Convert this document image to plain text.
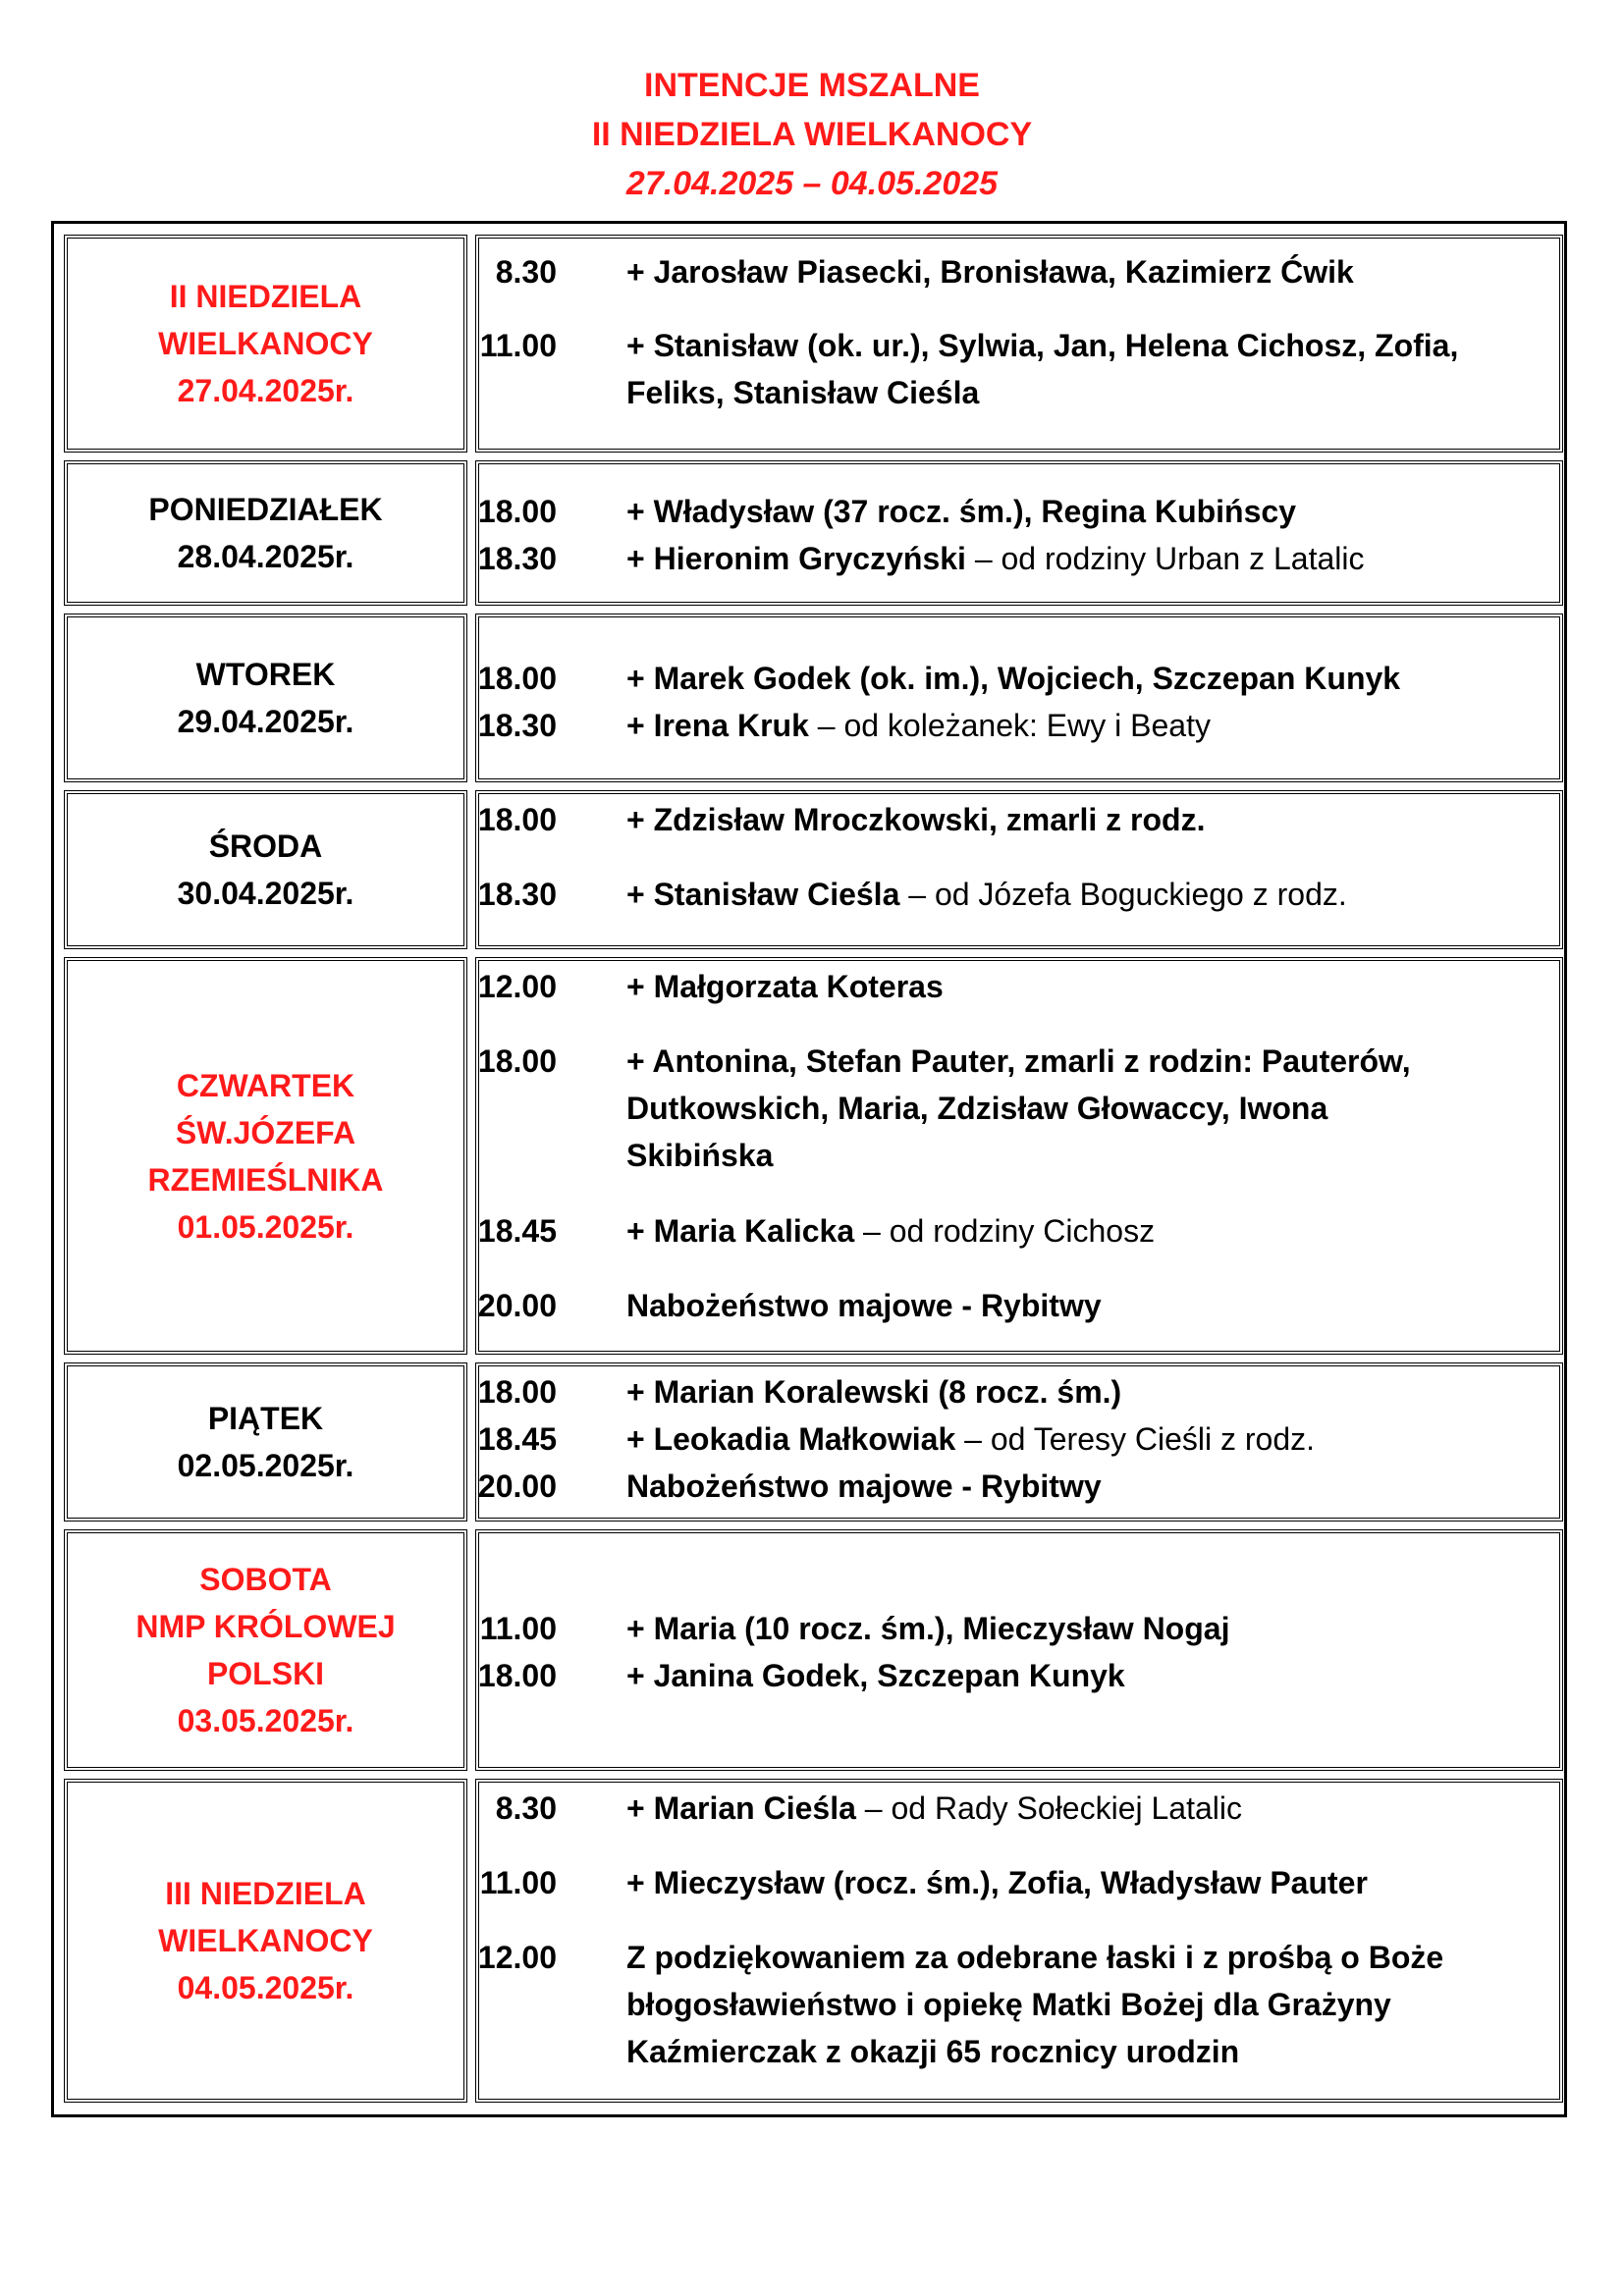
INTENCJE MSZALNE
II NIEDZIELA WIELKANOCY
27.04.2025 – 04.05.2025
II NIEDZIELA
WIELKANOCY
27.04.2025r.
8.30 + Jarosław Piasecki, Bronisława, Kazimierz Ćwik
11.00 + Stanisław (ok. ur.), Sylwia, Jan, Helena Cichosz, Zofia,
Feliks, Stanisław Cieśla
PONIEDZIAŁEK
28.04.2025r.
18.00 + Władysław (37 rocz. śm.), Regina Kubińscy
18.30 + Hieronim Gryczyński – od rodziny Urban z Latalic
WTOREK
29.04.2025r.
18.00 + Marek Godek (ok. im.), Wojciech, Szczepan Kunyk
18.30 + Irena Kruk – od koleżanek: Ewy i Beaty
ŚRODA
30.04.2025r.
18.00 + Zdzisław Mroczkowski, zmarli z rodz.
18.30 + Stanisław Cieśla – od Józefa Boguckiego z rodz.
CZWARTEK
ŚW.JÓZEFA
RZEMIEŚLNIKA
01.05.2025r.
12.00 + Małgorzata Koteras
18.00 + Antonina, Stefan Pauter, zmarli z rodzin: Pauterów,
Dutkowskich, Maria, Zdzisław Głowaccy, Iwona
Skibińska
18.45 + Maria Kalicka – od rodziny Cichosz
20.00 Nabożeństwo majowe - Rybitwy
PIĄTEK
02.05.2025r.
18.00 + Marian Koralewski (8 rocz. śm.)
18.45 + Leokadia Małkowiak – od Teresy Cieśli z rodz.
20.00 Nabożeństwo majowe - Rybitwy
SOBOTA
NMP KRÓLOWEJ
POLSKI
03.05.2025r.
11.00 + Maria (10 rocz. śm.), Mieczysław Nogaj
18.00 + Janina Godek, Szczepan Kunyk
III NIEDZIELA
WIELKANOCY
04.05.2025r.
8.30 + Marian Cieśla – od Rady Sołeckiej Latalic
11.00 + Mieczysław (rocz. śm.), Zofia, Władysław Pauter
12.00 Z podziękowaniem za odebrane łaski i z prośbą o Boże
błogosławieństwo i opiekę Matki Bożej dla Grażyny
Kaźmierczak z okazji 65 rocznicy urodzin
